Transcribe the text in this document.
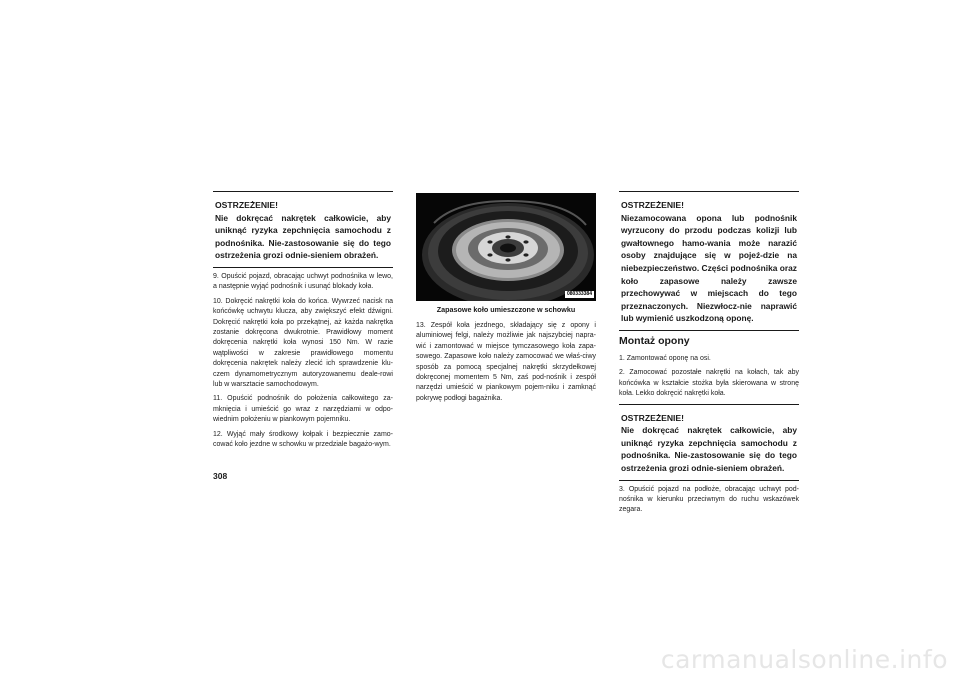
OSTRZEŻENIE!
Nie dokręcać nakrętek całkowicie, aby uniknąć ryzyka zepchnięcia samochodu z podnośnika. Nie-zastosowanie się do tego ostrzeżenia grozi odnie-sieniem obrażeń.

9. Opuścić pojazd, obracając uchwyt podnośnika w lewo, a następnie wyjąć podnośnik i usunąć blokady koła.

10. Dokręcić nakrętki koła do końca. Wywrzeć nacisk na końcówkę uchwytu klucza, aby zwiększyć efekt dźwigni. Dokręcić nakrętki koła po przekątnej, aż każda nakrętka zostanie dokręcona dwukrotnie. Prawidłowy moment dokręcenia nakrętki koła wynosi 150 Nm. W razie wątpliwości w zakresie prawidłowego momentu dokręcenia nakrętek należy zlecić ich sprawdzenie klu-czem dynamometrycznym autoryzowanemu deale-rowi lub w warsztacie samochodowym.

11. Opuścić podnośnik do położenia całkowitego za-mknięcia i umieścić go wraz z narzędziami w odpo-wiednim położeniu w piankowym pojemniku.

12. Wyjąć mały środkowy kołpak i bezpiecznie zamo-cować koło jezdne w schowku w przedziale bagażo-wym.

080333384
Zapasowe koło umieszczone w schowku

13. Zespół koła jezdnego, składający się z opony i aluminiowej felgi, należy możliwie jak najszybciej napra-wić i zamontować w miejsce tymczasowego koła zapa-sowego. Zapasowe koło należy zamocować we właś-ciwy sposób za pomocą specjalnej nakrętki skrzydełkowej dokręconej momentem 5 Nm, zaś pod-nośnik i zespół narzędzi umieścić w piankowym pojem-niku i zamknąć pokrywę podłogi bagażnika.

OSTRZEŻENIE!
Niezamocowana opona lub podnośnik wyrzucony do przodu podczas kolizji lub gwałtownego hamo-wania może narazić osoby znajdujące się w pojeź-dzie na niebezpieczeństwo. Części podnośnika oraz koło zapasowe należy zawsze przechowywać w miejscach do tego przeznaczonych. Niezwłocz-nie naprawić lub wymienić uszkodzoną oponę.
Montaż opony

1. Zamontować oponę na osi.

2. Zamocować pozostałe nakrętki na kołach, tak aby końcówka w kształcie stożka była skierowana w stronę koła. Lekko dokręcić nakrętki koła.

OSTRZEŻENIE!
Nie dokręcać nakrętek całkowicie, aby uniknąć ryzyka zepchnięcia samochodu z podnośnika. Nie-zastosowanie się do tego ostrzeżenia grozi odnie-sieniem obrażeń.

3. Opuścić pojazd na podłoże, obracając uchwyt pod-nośnika w kierunku przeciwnym do ruchu wskazówek zegara.

308
carmanualsonline.info
